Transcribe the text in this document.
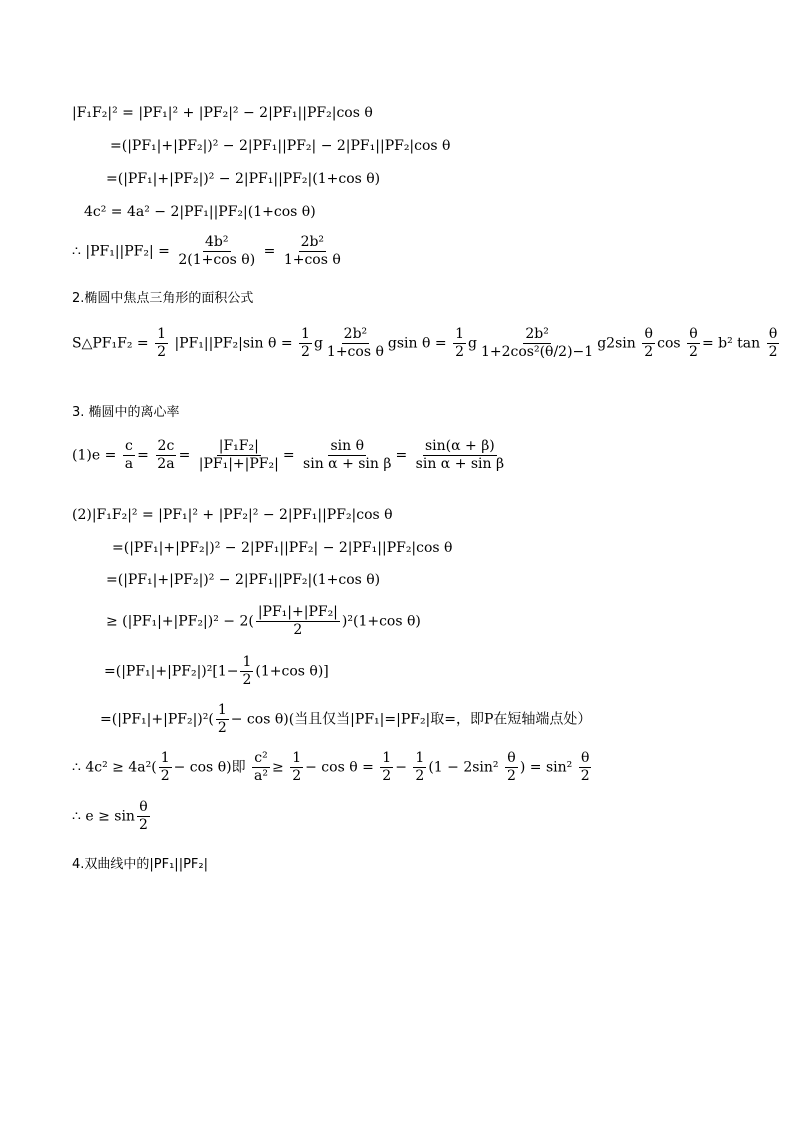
|F₁F₂|² = |PF₁|² + |PF₂|² − 2|PF₁||PF₂|cos θ
=(|PF₁|+|PF₂|)² − 2|PF₁||PF₂| − 2|PF₁||PF₂|cos θ
=(|PF₁|+|PF₂|)² − 2|PF₁||PF₂|(1+cos θ)
4c² = 4a² − 2|PF₁||PF₂|(1+cos θ)
∴ $|PF_1||PF_2| = \frac{\text{4b²}}{\text{2(1+cos θ)}} = \frac{\text{2b²}}{\text{1+cos θ}}$
2.椭圆中焦点三角形的面积公式
S△PF₁F₂ = $\frac{1}{2} |PF_1||PF_2|\sin$ $\theta = \frac{1}{2}$ g $\frac{\text{2b²}}{\text{1+cos θ}}$ gsin $\theta = \frac{1}{2}$ g $\frac{\text{2b²}}{\text{1+2cos²(θ/2)−1}} g2\sin \frac{\theta}{2}$ $\cos \frac{\theta}{2} = b^2$ $\tan \frac{\theta}{2}$
3. 椭圆中的离心率
$(1)e = \frac{c}{a} = \frac{2c}{2a} = \frac{\text{|F₁F₂|}}{\text{|PF₁|+|PF₂|}} = \frac{\text{sin θ}}{\text{sin α + sin β}} = \frac{\sin(\alpha + \beta)}{\text{sin α + sin β}}$
(2)|F₁F₂|² = |PF₁|² + |PF₂|² − 2|PF₁||PF₂|cos θ
=(|PF₁|+|PF₂|)² − 2|PF₁||PF₂| − 2|PF₁||PF₂|cos θ
=(|PF₁|+|PF₂|)² − 2|PF₁||PF₂|(1+cos θ)
≥ $(|PF_1|+|PF_2|)^2 - 2( \frac{\text{|PF₁|+|PF₂|}}{2} )^2(1+\cos$ θ)
$=(|PF_1|+|PF_2|)^2[1- \frac{1}{2} (1+\cos$ θ)]
$=(|PF_1|+|PF_2|)^2( \frac{1}{2} - \cos \theta)$(当且仅当|PF₁|=|PF₂|取=，即P在短轴端点处）
∴ $4c^2 \ge 4a^2( \frac{1}{2} - \cos \theta)$即 $\frac{\text{c²}}{\text{a²}} \ge \frac{1}{2} - \cos \theta = \frac{1}{2} - \frac{1}{2} (1 - 2\sin^2 \frac{\theta}{2}$ ) = $\sin^2 \frac{\theta}{2}$
∴ $e \ge \sin \frac{\theta}{2}$
4.双曲线中的|PF₁||PF₂|
